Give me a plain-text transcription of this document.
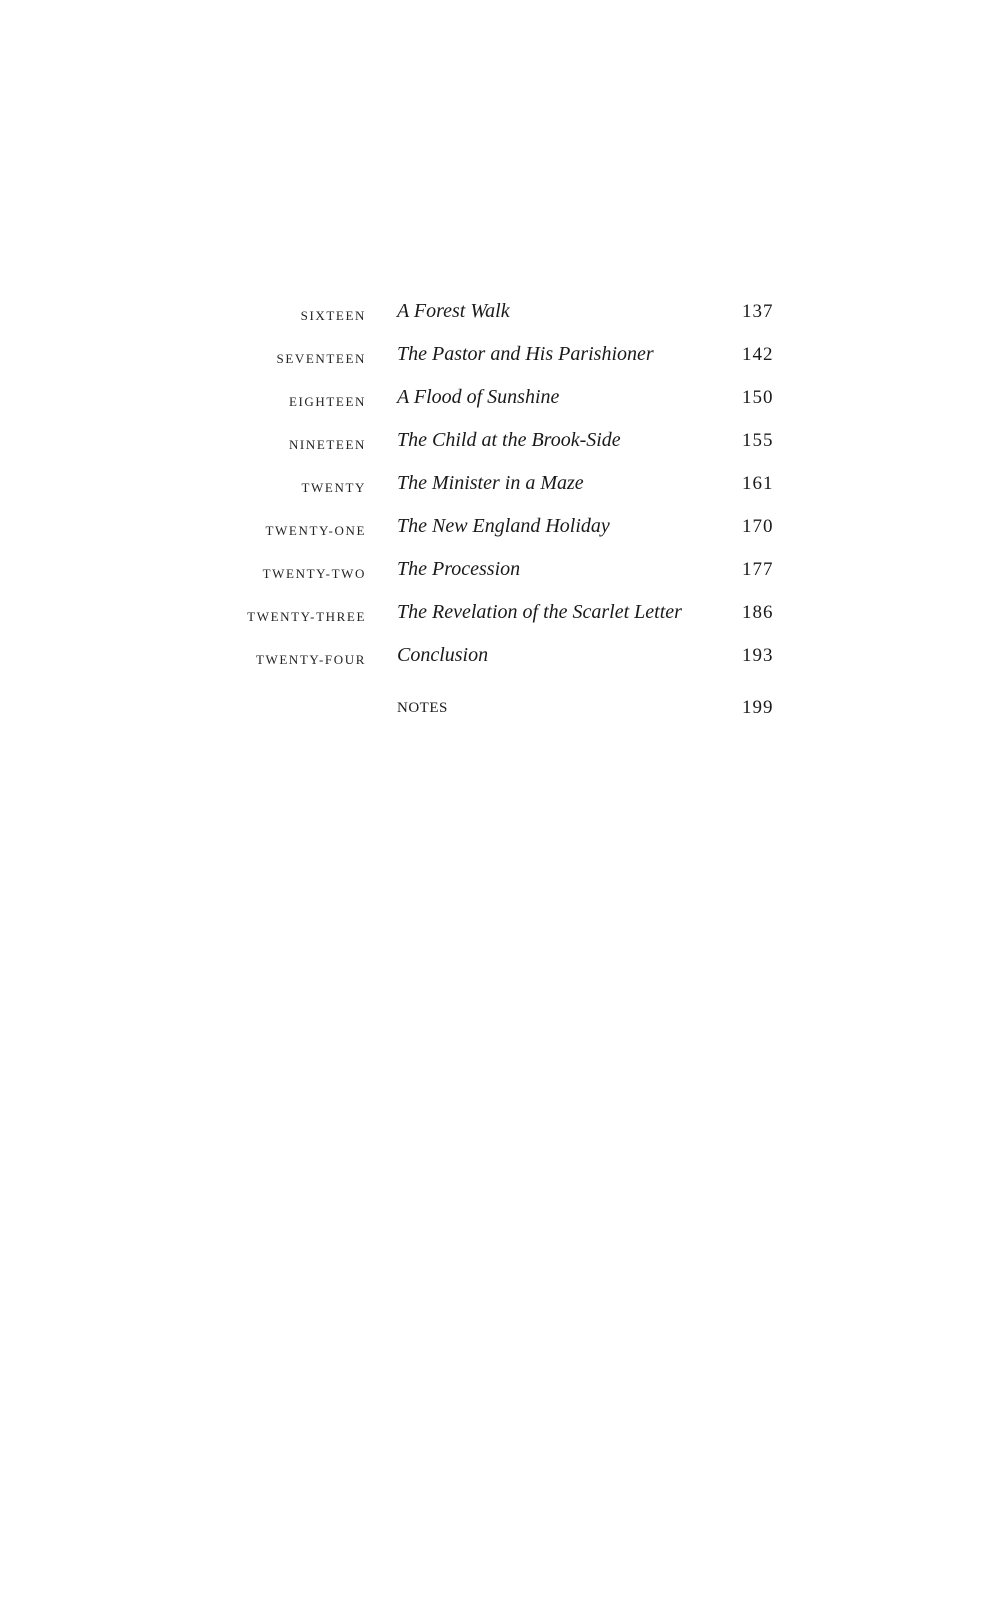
SIXTEEN A Forest Walk	137
SEVENTEEN The Pastor and His Parishioner	142
EIGHTEEN A Flood of Sunshine	150
NINETEEN The Child at the Brook-Side	155
TWENTY The Minister in a Maze	161
TWENTY-ONE The New England Holiday	170
TWENTY-TWO The Procession	177
TWENTY-THREE The Revelation of the Scarlet Letter	186
TWENTY-FOUR Conclusion	193
NOTES	199
